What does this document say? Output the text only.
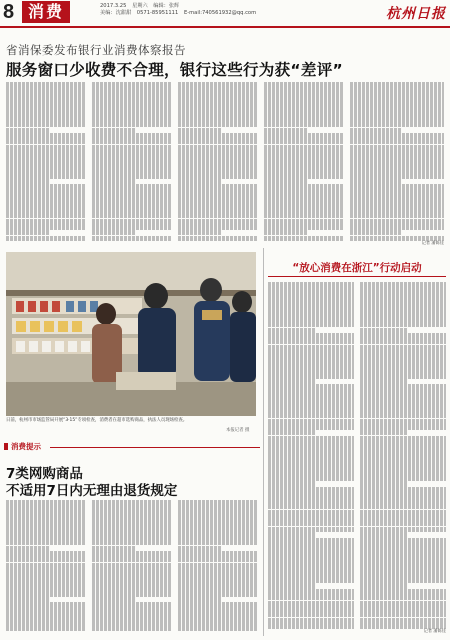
8 消费	2017.3.25 星期六 编辑：张辉
美编：沈甜甜 0571-85951111 E-mail:740561932@qq.com	杭州日报
省消保委发布银行业消费体察报告
服务窗口少收费不合理，银行这些行为获“差评”
记者 潘陈佳
日前，杭州市市场监管局开展“3·15”专项检查，消费者在超市选购商品，执法人员现场检查。
本报记者 摄
“放心消费在浙江”行动启动
记者 潘陈佳
消费提示
7类网购商品
不适用7日内无理由退货规定
